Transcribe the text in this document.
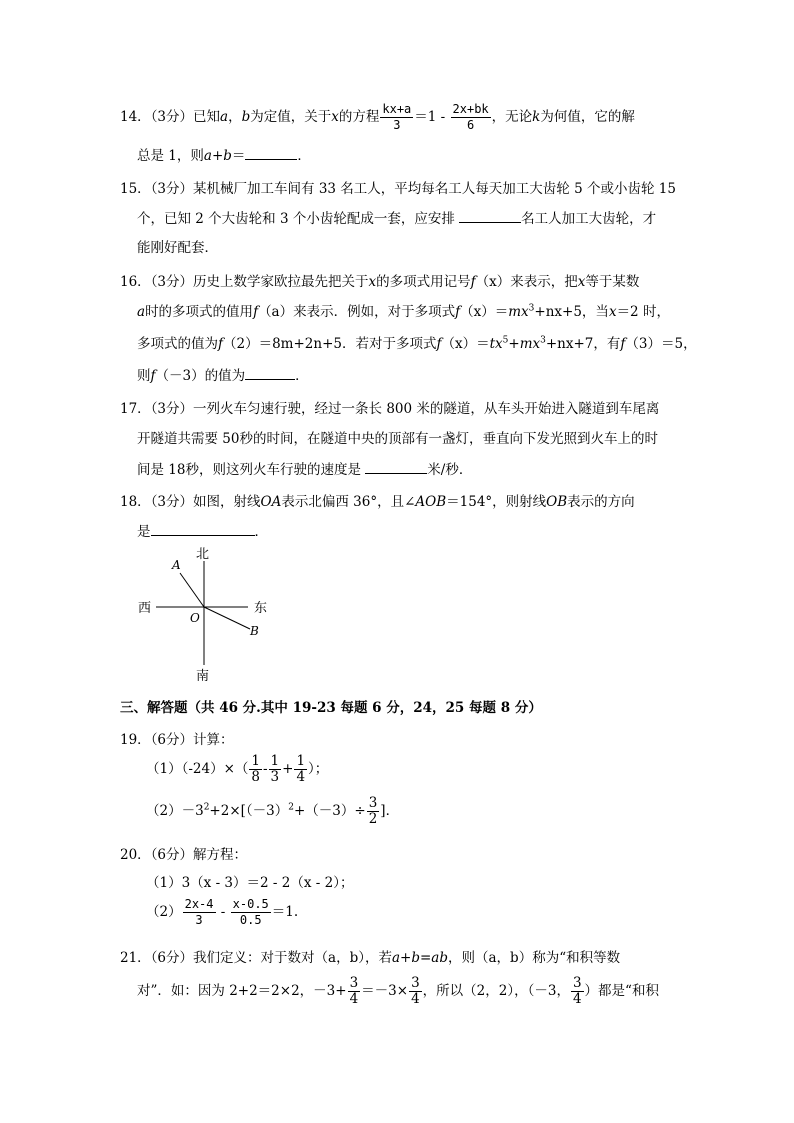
14．（3分）已知a，b为定值，关于x的方程 $\frac{kx+a}{3} =1 - \frac{2x+bk}{6}$ ，无论k为何值，它的解
总是 1，则a+b＝	．
15．（3分）某机械厂加工车间有 33 名工人，平均每名工人每天加工大齿轮 5 个或小齿轮 15
个，已知 2 个大齿轮和 3 个小齿轮配成一套，应安排	名工人加工大齿轮，才
能刚好配套．
16．（3分）历史上数学家欧拉最先把关于x的多项式用记号f（x）来表示，把x等于某数
a时的多项式的值用f（a）来表示．例如，对于多项式$f(x)=mx^3+nx+5$，当x＝2 时，
多项式的值为f（2）＝8m+2n+5．若对于多项式$f(x)=tx^5+mx^3+nx+7$，有f（3）＝5，
则f（－3）的值为	．
17．（3分）一列火车匀速行驶，经过一条长 800 米的隧道，从车头开始进入隧道到车尾离
开隧道共需要 50秒的时间，在隧道中央的顶部有一盏灯，垂直向下发光照到火车上的时
间是 18秒，则这列火车行驶的速度是	米/秒．
18．（3分）如图，射线OA表示北偏西 36°，且∠AOB＝154°，则射线OB表示的方向
是	．
北
南
西	东
A
B
O
三、解答题（共 46 分.其中 19-23 每题 6 分，24，25 每题 8 分）
19．（6分）计算：
$(1)(-24)\times( \frac{1}{8} - \frac{1}{3} + \frac{1}{4}$ ）；
$(2)-3^2+2\times[(-3)^2+(-3)\div \frac{3}{2}$ ]．
20．（6分）解方程：
（1）3（x - 3）＝2 - 2（x - 2）；
$(2) \frac{2x-4}{3} - \frac{x-0.5}{0.5} =1$.
21．（6分）我们定义：对于数对（a，b），若a+b=ab，则（a，b）称为“和积等数
对”．如：因为 2+2＝2×2，$-3+ \frac{3}{4} =-3\times \frac{3}{4}$ ，所以（2，2），（－3， $\frac{3}{4}$ ）都是“和积
